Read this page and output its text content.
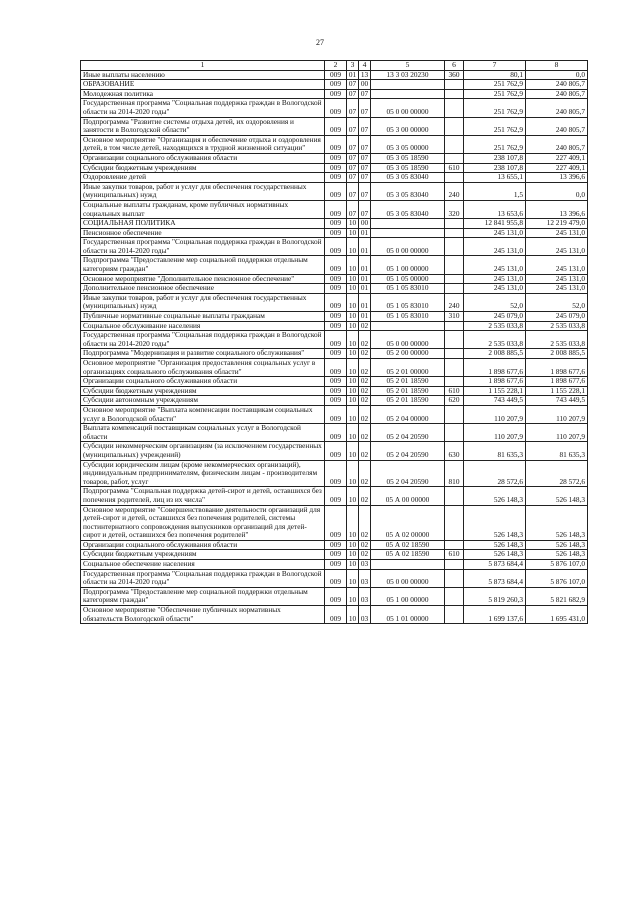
27
1	2	3	4	5	6	7	8
Иные выплаты населению	009	01	13	13 3 03 20230	360	80,1	0,0
ОБРАЗОВАНИЕ	009	07	00			251 762,9	240 805,7
Молодежная политика	009	07	07			251 762,9	240 805,7
Государственная программа "Социальная поддержка граждан в Вологодской области на 2014-2020 годы"	009	07	07	05 0 00 00000		251 762,9	240 805,7
Подпрограмма "Развитие системы отдыха детей, их оздоровления и занятости в Вологодской области"	009	07	07	05 3 00 00000		251 762,9	240 805,7
Основное мероприятие "Организация и обеспечение отдыха и оздоровления детей, в том числе детей, находящихся в трудной жизненной ситуации"	009	07	07	05 3 05 00000		251 762,9	240 805,7
Организации социального обслуживания области	009	07	07	05 3 05 18590		238 107,8	227 409,1
Субсидии бюджетным учреждениям	009	07	07	05 3 05 18590	610	238 107,8	227 409,1
Оздоровление детей	009	07	07	05 3 05 83040		13 655,1	13 396,6
Иные закупки товаров, работ и услуг для обеспечения государственных (муниципальных) нужд	009	07	07	05 3 05 83040	240	1,5	0,0
Социальные выплаты гражданам, кроме публичных нормативных социальных выплат	009	07	07	05 3 05 83040	320	13 653,6	13 396,6
СОЦИАЛЬНАЯ ПОЛИТИКА	009	10	00			12 841 955,8	12 219 479,0
Пенсионное обеспечение	009	10	01			245 131,0	245 131,0
Государственная программа "Социальная поддержка граждан в Вологодской области на 2014-2020 годы"	009	10	01	05 0 00 00000		245 131,0	245 131,0
Подпрограмма "Предоставление мер социальной поддержки отдельным категориям граждан"	009	10	01	05 1 00 00000		245 131,0	245 131,0
Основное мероприятие "Дополнительное пенсионное обеспечение"	009	10	01	05 1 05 00000		245 131,0	245 131,0
Дополнительное пенсионное обеспечение	009	10	01	05 1 05 83010		245 131,0	245 131,0
Иные закупки товаров, работ и услуг для обеспечения государственных (муниципальных) нужд	009	10	01	05 1 05 83010	240	52,0	52,0
Публичные нормативные социальные выплаты гражданам	009	10	01	05 1 05 83010	310	245 079,0	245 079,0
Социальное обслуживание населения	009	10	02			2 535 033,8	2 535 033,8
Государственная программа "Социальная поддержка граждан в Вологодской области на 2014-2020 годы"	009	10	02	05 0 00 00000		2 535 033,8	2 535 033,8
Подпрограмма "Модернизация и развитие социального обслуживания"	009	10	02	05 2 00 00000		2 008 885,5	2 008 885,5
Основное мероприятие "Организация предоставления социальных услуг в организациях социального обслуживания области"	009	10	02	05 2 01 00000		1 898 677,6	1 898 677,6
Организации социального обслуживания области	009	10	02	05 2 01 18590		1 898 677,6	1 898 677,6
Субсидии бюджетным учреждениям	009	10	02	05 2 01 18590	610	1 155 228,1	1 155 228,1
Субсидии автономным учреждениям	009	10	02	05 2 01 18590	620	743 449,5	743 449,5
Основное мероприятие "Выплата компенсации поставщикам социальных услуг в Вологодской области"	009	10	02	05 2 04 00000		110 207,9	110 207,9
Выплата компенсаций поставщикам социальных услуг в Вологодской области	009	10	02	05 2 04 20590		110 207,9	110 207,9
Субсидии некоммерческим организациям (за исключением государственных (муниципальных) учреждений)	009	10	02	05 2 04 20590	630	81 635,3	81 635,3
Субсидии юридическим лицам (кроме некоммерческих организаций), индивидуальным предпринимателям, физическим лицам - производителям товаров, работ, услуг	009	10	02	05 2 04 20590	810	28 572,6	28 572,6
Подпрограмма "Социальная поддержка детей-сирот и детей, оставшихся без попечения родителей, лиц из их числа"	009	10	02	05 А 00 00000		526 148,3	526 148,3
Основное мероприятие "Совершенствование деятельности организаций для детей-сирот и детей, оставшихся без попечения родителей, системы постинтернатного сопровождения выпускников организаций для детей-сирот и детей, оставшихся без попечения родителей"	009	10	02	05 А 02 00000		526 148,3	526 148,3
Организации социального обслуживания области	009	10	02	05 А 02 18590		526 148,3	526 148,3
Субсидии бюджетным учреждениям	009	10	02	05 А 02 18590	610	526 148,3	526 148,3
Социальное обеспечение населения	009	10	03			5 873 684,4	5 876 107,0
Государственная программа "Социальная поддержка граждан в Вологодской области на 2014-2020 годы"	009	10	03	05 0 00 00000		5 873 684,4	5 876 107,0
Подпрограмма "Предоставление мер социальной поддержки отдельным категориям граждан"	009	10	03	05 1 00 00000		5 819 260,3	5 821 682,9
Основное мероприятие "Обеспечение публичных нормативных обязательств Вологодской области"	009	10	03	05 1 01 00000		1 699 137,6	1 695 431,0
